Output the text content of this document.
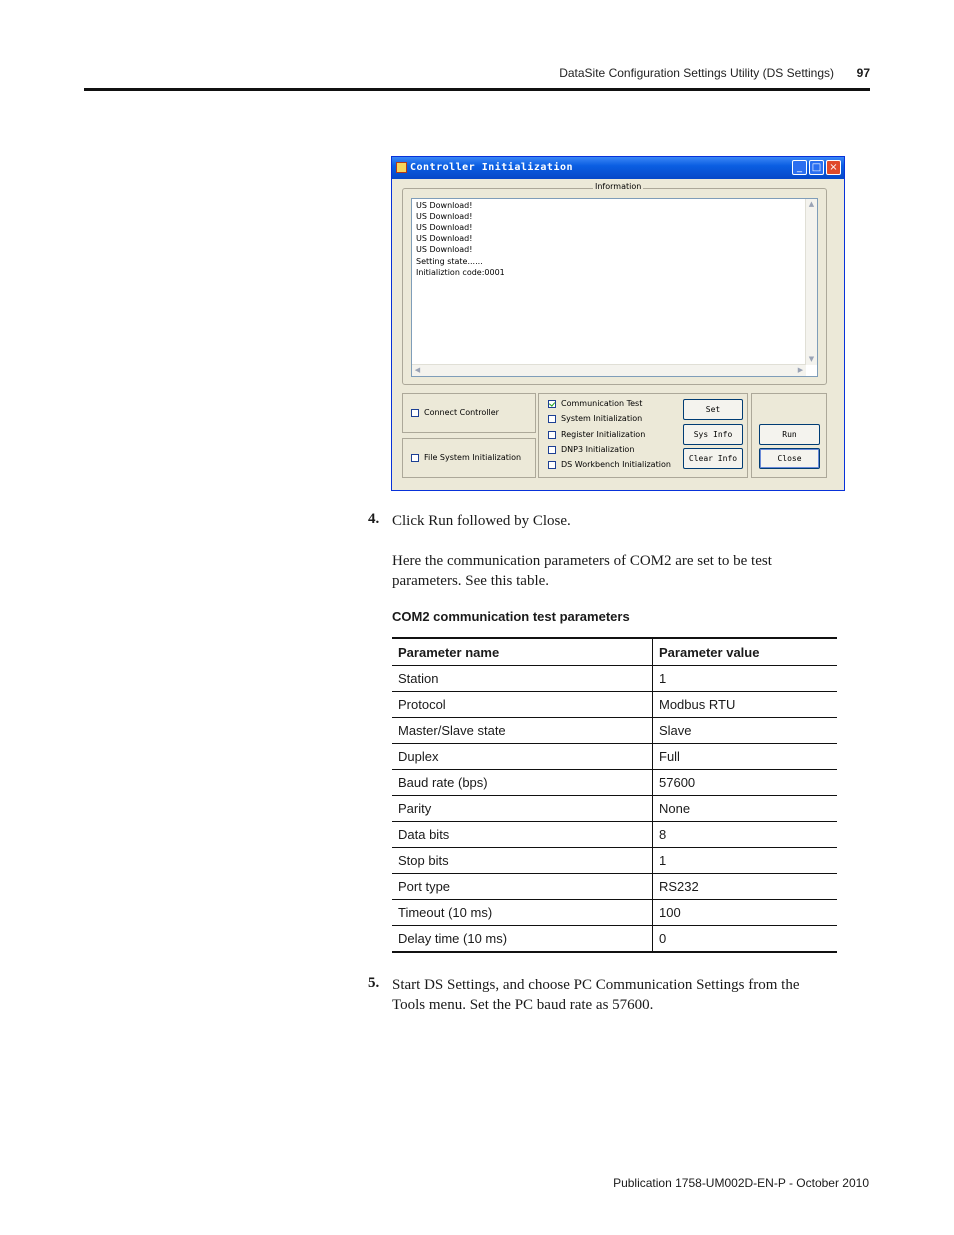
DataSite Configuration Settings Utility (DS Settings)	97
Controller Initialization	_ □ ×
Information
US Download!
US Download!
US Download!
US Download!
US Download!
Setting state......
Initializtion code:0001
▲
▼
◀	▶
Connect Controller
File System Initialization
Communication Test
System Initialization
Register Initialization
DNP3 Initialization
DS Workbench Initialization
Set
Sys Info
Clear Info
Run
Close
4. Click Run followed by Close.
Here the communication parameters of COM2 are set to be test
parameters. See this table.
COM2 communication test parameters
Parameter name	Parameter value
Station	1
Protocol	Modbus RTU
Master/Slave state	Slave
Duplex	Full
Baud rate (bps)	57600
Parity	None
Data bits	8
Stop bits	1
Port type	RS232
Timeout (10 ms)	100
Delay time (10 ms)	0
5. Start DS Settings, and choose PC Communication Settings from the
Tools menu. Set the PC baud rate as 57600.
Publication 1758-UM002D-EN-P - October 2010
